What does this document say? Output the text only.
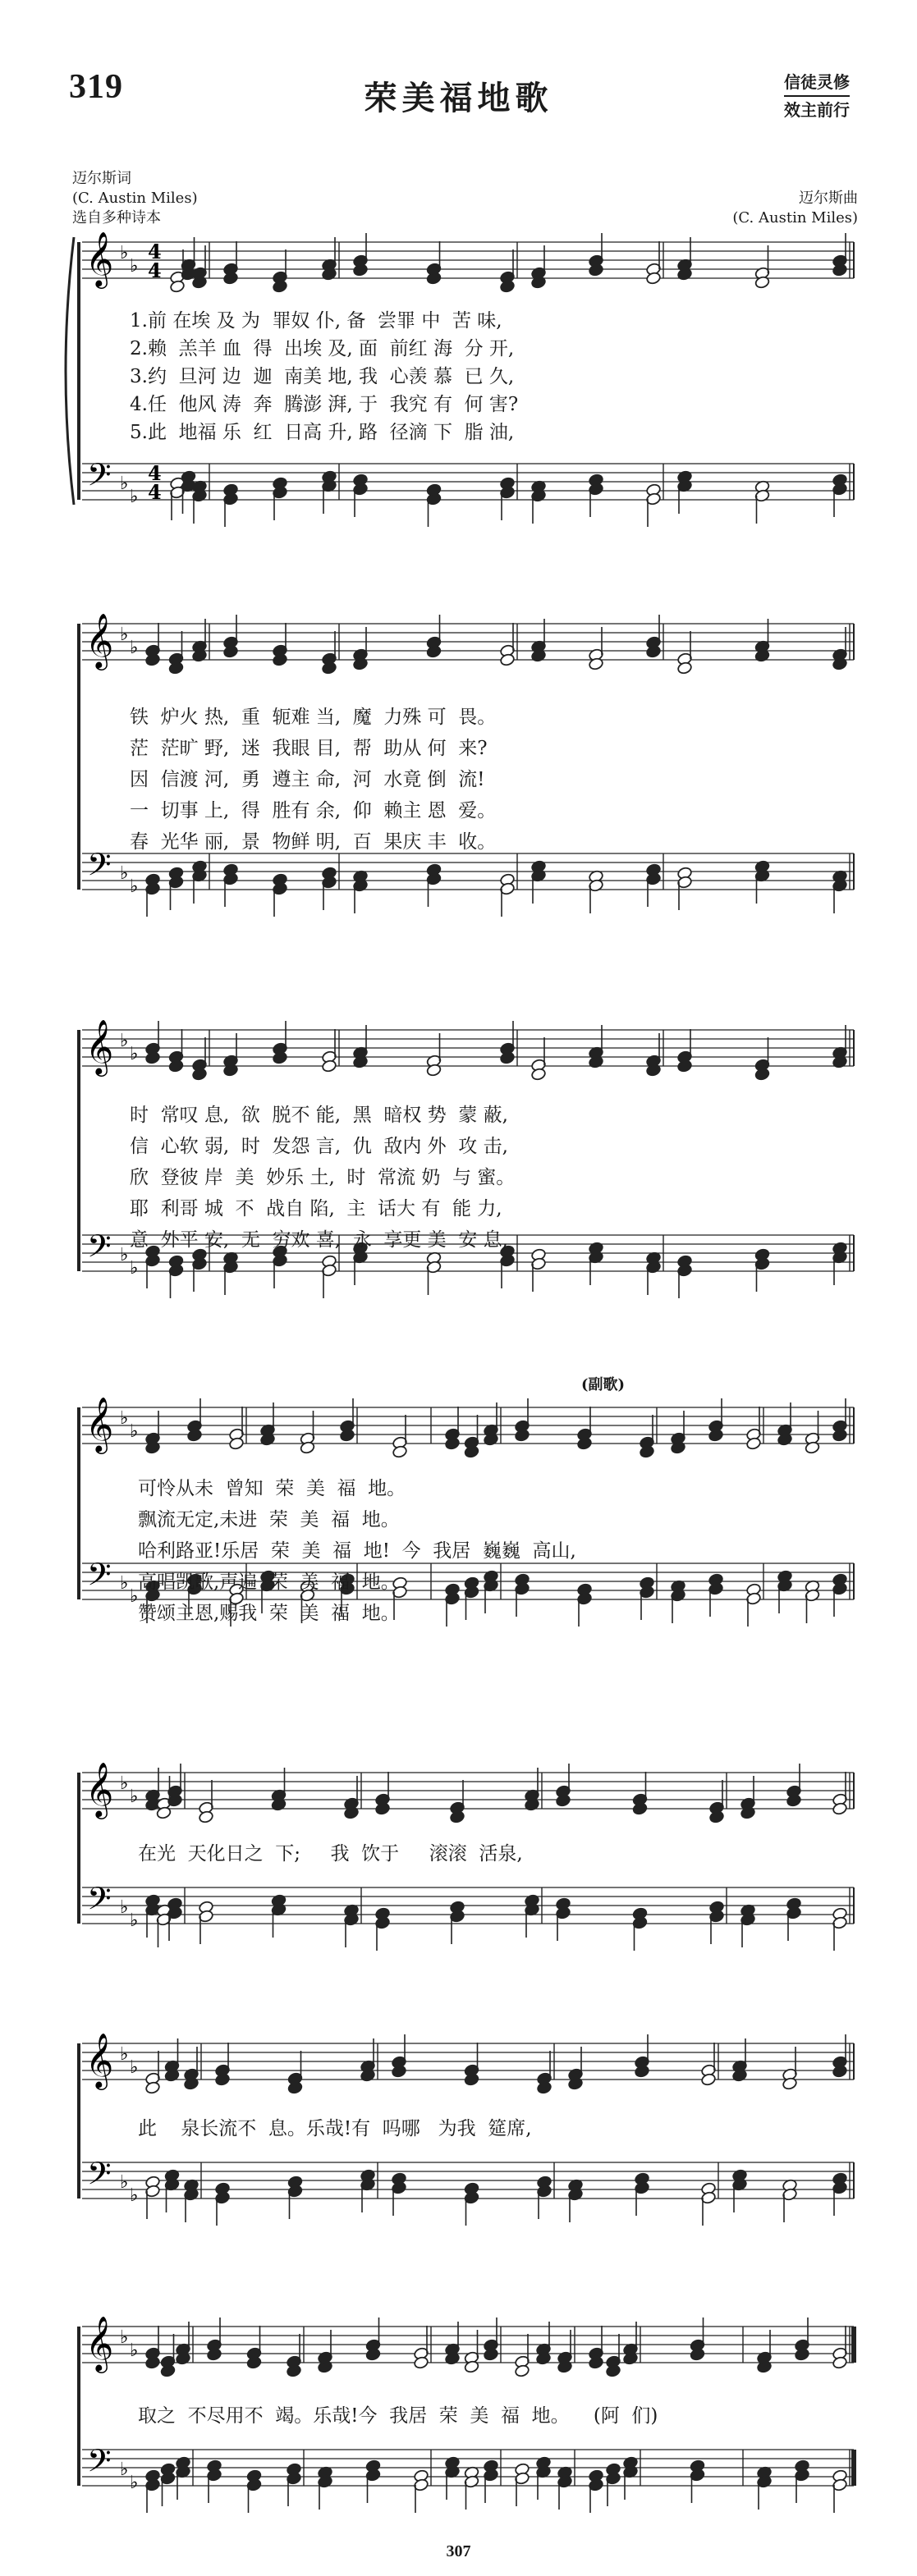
319	荣美福地歌	信徒灵修
效主前行
迈尔斯词
(C. Austin Miles)
选自多种诗本
迈尔斯曲
(C. Austin Miles)
𝄞
𝄢
♭
♭
♭
♭
4
4
4
4
𝄞
𝄢
♭
♭
♭
♭
𝄞
𝄢
♭
♭
♭
♭
𝄞
𝄢
♭
♭
♭
♭
𝄞
𝄢
♭
♭
♭
♭
𝄞
𝄢
♭
♭
♭
♭
𝄞
𝄢
♭
♭
♭
♭
1.前 在埃 及 为  罪奴 仆, 备  尝罪 中  苦 味,
2.赖  羔羊 血  得  出埃 及, 面  前红 海  分 开,
3.约  旦河 边  迦  南美 地, 我  心羡 慕  已 久,
4.任  他风 涛  奔  腾澎 湃, 于  我究 有  何 害?
5.此  地福 乐  红  日高 升, 路  径滴 下  脂 油,
铁  炉火 热,  重  轭难 当,  魔  力殊 可  畏。
茫  茫旷 野,  迷  我眼 目,  帮  助从 何  来?
因  信渡 河,  勇  遵主 命,  河  水竟 倒  流!
一  切事 上,  得  胜有 余,  仰  赖主 恩  爱。
春  光华 丽,  景  物鲜 明,  百  果庆 丰  收。
时  常叹 息,  欲  脱不 能,  黑  暗权 势  蒙 蔽,
信  心软 弱,  时  发怨 言,  仇  敌内 外  攻 击,
欣  登彼 岸  美  妙乐 土,  时  常流 奶  与 蜜。
耶  利哥 城  不  战自 陷,  主  话大 有  能 力,
意  外平 安,  无  穷欢 喜,  永  享更 美  安 息,
可怜从未  曾知  荣  美  福  地。
飘流无定,未进  荣  美  福  地。
哈利路亚!乐居  荣  美  福  地!  今  我居  巍巍  高山,
高唱凯歌,声遍  荣  美  福  地。
赞颂主恩,赐我  荣  美  福  地。
(副歌)
在光  天化日之  下;     我  饮于     滚滚  活泉,
此    泉长流不  息。乐哉!有  吗哪   为我  筵席,
取之  不尽用不  竭。乐哉!今  我居  荣  美  福  地。    (阿  们)
307
